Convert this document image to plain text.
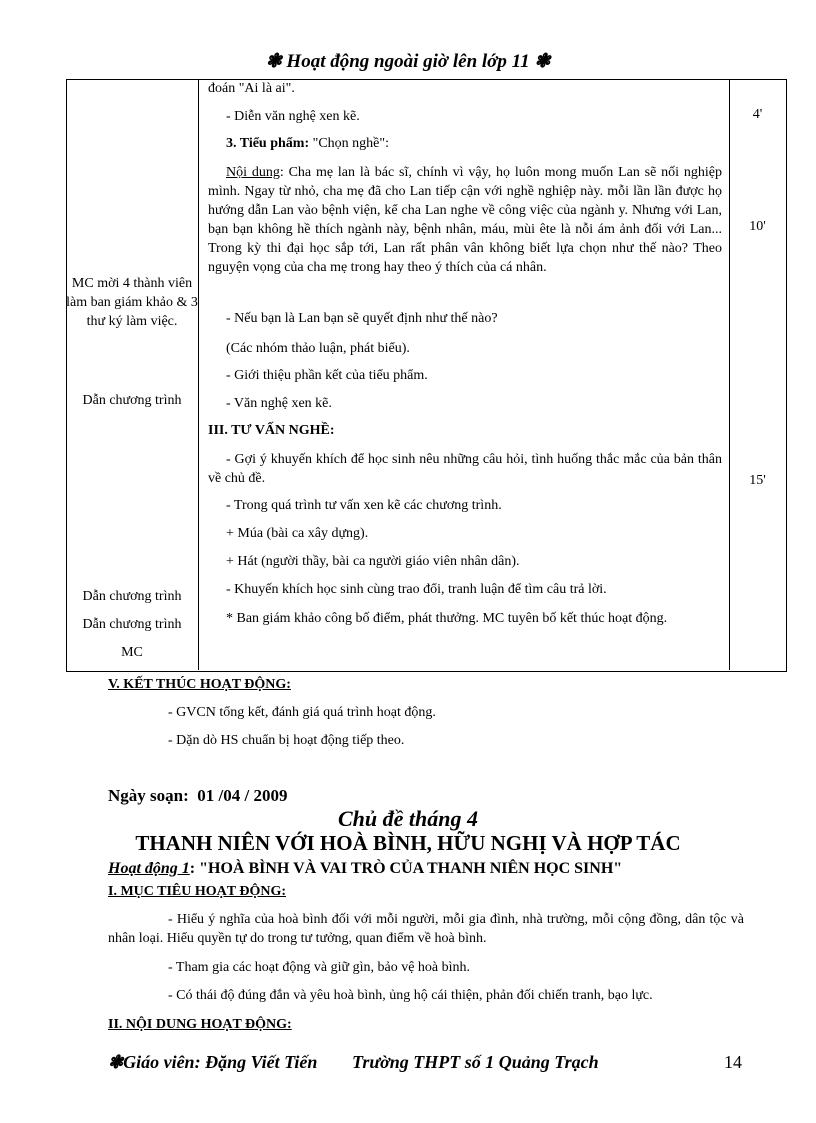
❃ Hoạt động ngoài giờ lên lớp 11 ❃
MC mời 4 thành viên làm ban giám khảo & 3 thư ký làm việc.
Dẫn chương trình
Dẫn chương trình
Dẫn chương trình
MC
đoán "Ai là ai".
- Diễn văn nghệ xen kẽ.
3. Tiểu phẩm: "Chọn nghề":
Nội dung: Cha mẹ lan là bác sĩ, chính vì vậy, họ luôn mong muốn Lan sẽ nối nghiệp mình. Ngay từ nhỏ, cha mẹ đã cho Lan tiếp cận với nghề nghiệp này. mỗi lần lần được họ hướng dẫn Lan vào bệnh viện, kể cha Lan nghe về công việc của ngành y. Nhưng với Lan, bạn bạn không hề thích ngành này, bệnh nhân, máu, mùi ête là nỗi ám ảnh đối với Lan... Trong kỳ thi đại học sắp tới, Lan rất phân vân không biết lựa chọn như thế nào? Theo nguyện vọng của cha mẹ trong hay theo ý thích của cá nhân.
- Nếu bạn là Lan bạn sẽ quyết định như thế nào?
(Các nhóm thảo luận, phát biểu).
- Giới thiệu phần kết của tiểu phẩm.
- Văn nghệ xen kẽ.
III. TƯ VẤN NGHỀ:
- Gợi ý khuyến khích để học sinh nêu những câu hỏi, tình huống thắc mắc của bản thân về chủ đề.
- Trong quá trình tư vấn xen kẽ các chương trình.
+ Múa (bài ca xây dựng).
+ Hát (người thầy, bài ca người giáo viên nhân dân).
- Khuyến khích học sinh cùng trao đổi, tranh luận để tìm câu trả lời.
* Ban giám khảo công bố điểm, phát thưởng. MC tuyên bố kết thúc hoạt động.
4'
10'
15'
V. KẾT THÚC HOẠT ĐỘNG:
- GVCN tổng kết, đánh giá quá trình hoạt động.
- Dặn dò HS chuẩn bị hoạt động tiếp theo.
Ngày soạn: 01 /04 / 2009
Chủ đề tháng 4
THANH NIÊN VỚI HOÀ BÌNH, HỮU NGHỊ VÀ HỢP TÁC
Hoạt động 1: "HOÀ BÌNH VÀ VAI TRÒ CỦA THANH NIÊN HỌC SINH"
I. MỤC TIÊU HOẠT ĐỘNG:
- Hiểu ý nghĩa của hoà bình đối với mỗi người, mỗi gia đình, nhà trường, mỗi cộng đồng, dân tộc và nhân loại. Hiểu quyền tự do trong tư tưởng, quan điểm về hoà bình.
- Tham gia các hoạt động và giữ gìn, bảo vệ hoà bình.
- Có thái độ đúng đắn và yêu hoà bình, ủng hộ cái thiện, phản đối chiến tranh, bạo lực.
II. NỘI DUNG HOẠT ĐỘNG:
❃Giáo viên: Đặng Viết Tiến Trường THPT số 1 Quảng Trạch	14
